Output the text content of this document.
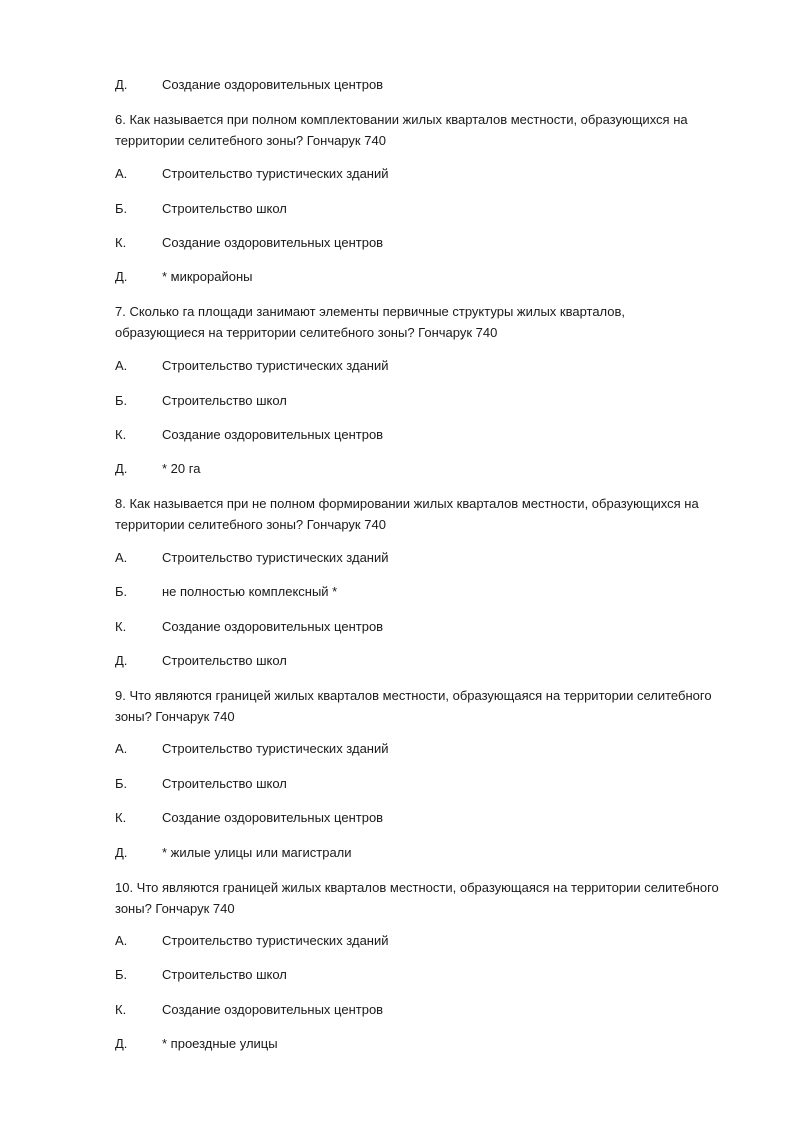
Д.	Создание оздоровительных центров
6. Как называется при полном комплектовании жилых кварталов местности, образующихся на
территории селитебного зоны? Гончарук 740
А.	Строительство туристических зданий
Б.	Строительство школ
К.	Создание оздоровительных центров
Д.	* микрорайоны
7. Сколько га площади занимают элементы первичные структуры жилых кварталов,
образующиеся на территории селитебного зоны? Гончарук 740
А.	Строительство туристических зданий
Б.	Строительство школ
К.	Создание оздоровительных центров
Д.	* 20 га
8. Как называется при не полном формировании жилых кварталов местности, образующихся на
территории селитебного зоны? Гончарук 740
А.	Строительство туристических зданий
Б.	не полностью комплексный *
К.	Создание оздоровительных центров
Д.	Строительство школ
9. Что являются границей жилых кварталов местности, образующаяся на территории селитебного
зоны? Гончарук 740
А.	Строительство туристических зданий
Б.	Строительство школ
К.	Создание оздоровительных центров
Д.	* жилые улицы или магистрали
10. Что являются границей жилых кварталов местности, образующаяся на территории селитебного
зоны? Гончарук 740
А.	Строительство туристических зданий
Б.	Строительство школ
К.	Создание оздоровительных центров
Д.	* проездные улицы
